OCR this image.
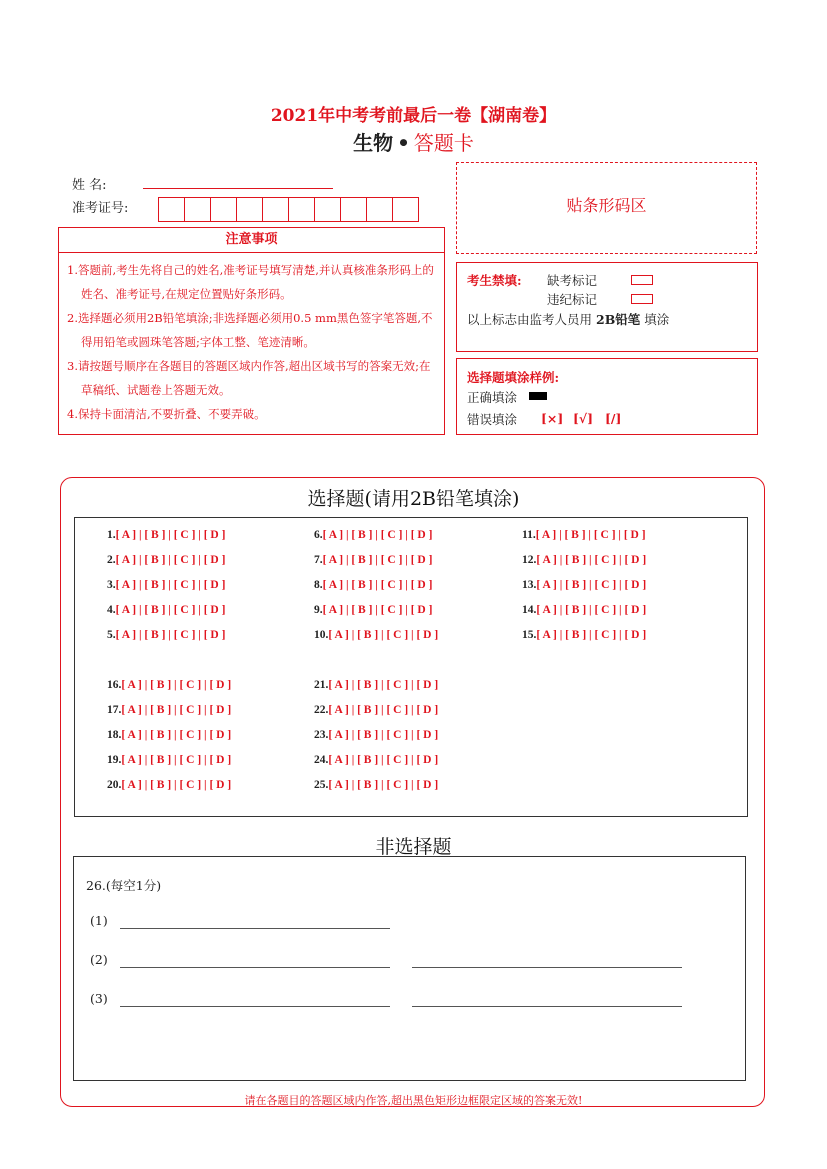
2021年中考考前最后一卷【湖南卷】
生物 • 答题卡
姓 名:
准考证号:	贴条形码区
注意事项
1.答题前,考生先将自己的姓名,准考证号填写清楚,并认真核准条形码上的姓名、准考证号,在规定位置贴好条形码。
2.选择题必须用2B铅笔填涂;非选择题必须用0.5 mm黑色签字笔答题,不得用铅笔或圆珠笔答题;字体工整、笔迹清晰。
3.请按题号顺序在各题目的答题区域内作答,超出区域书写的答案无效;在草稿纸、试题卷上答题无效。
4.保持卡面清洁,不要折叠、不要弄破。
考生禁填: 缺考标记
违纪标记
以上标志由监考人员用 2B铅笔 填涂
选择题填涂样例:
正确填涂
错误填涂 [×] [√] [/]
选择题(请用2B铅笔填涂)
1.[ A ] | [ B ] | [ C ] | [ D ]	6.[ A ] | [ B ] | [ C ] | [ D ]	11.[ A ] | [ B ] | [ C ] | [ D ]
2.[ A ] | [ B ] | [ C ] | [ D ]	7.[ A ] | [ B ] | [ C ] | [ D ]	12.[ A ] | [ B ] | [ C ] | [ D ]
3.[ A ] | [ B ] | [ C ] | [ D ]	8.[ A ] | [ B ] | [ C ] | [ D ]	13.[ A ] | [ B ] | [ C ] | [ D ]
4.[ A ] | [ B ] | [ C ] | [ D ]	9.[ A ] | [ B ] | [ C ] | [ D ]	14.[ A ] | [ B ] | [ C ] | [ D ]
5.[ A ] | [ B ] | [ C ] | [ D ]	10.[ A ] | [ B ] | [ C ] | [ D ]	15.[ A ] | [ B ] | [ C ] | [ D ]
16.[ A ] | [ B ] | [ C ] | [ D ]	21.[ A ] | [ B ] | [ C ] | [ D ]
17.[ A ] | [ B ] | [ C ] | [ D ]	22.[ A ] | [ B ] | [ C ] | [ D ]
18.[ A ] | [ B ] | [ C ] | [ D ]	23.[ A ] | [ B ] | [ C ] | [ D ]
19.[ A ] | [ B ] | [ C ] | [ D ]	24.[ A ] | [ B ] | [ C ] | [ D ]
20.[ A ] | [ B ] | [ C ] | [ D ]	25.[ A ] | [ B ] | [ C ] | [ D ]
非选择题
26.(每空1分)
(1)
(2)
(3)
请在各题目的答题区域内作答,超出黑色矩形边框限定区域的答案无效!
